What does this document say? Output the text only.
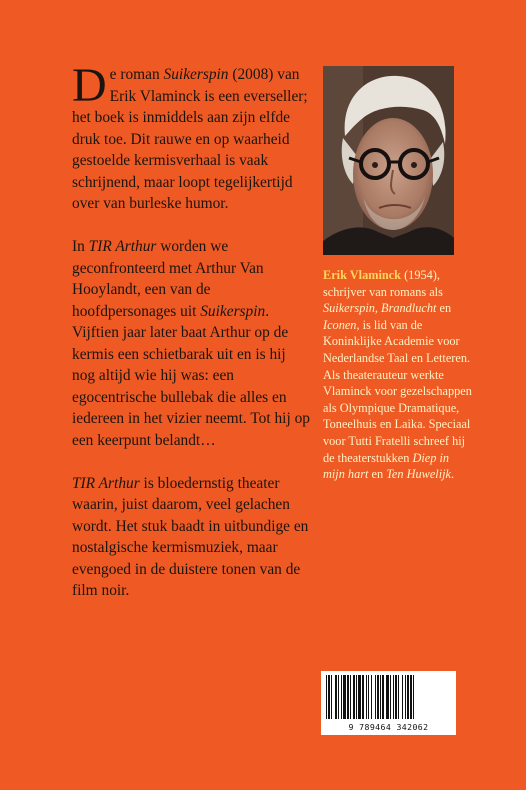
De roman Suikerspin (2008) van Erik Vlaminck is een everseller; het boek is inmiddels aan zijn elfde druk toe. Dit rauwe en op waarheid gestoelde kermisverhaal is vaak schrijnend, maar loopt tegelijkertijd over van burleske humor.

In TIR Arthur worden we geconfronteerd met Arthur Van Hooylandt, een van de hoofdpersonages uit Suikerspin. Vijftien jaar later baat Arthur op de kermis een schietbarak uit en is hij nog altijd wie hij was: een egocentrische bullebak die alles en iedereen in het vizier neemt. Tot hij op een keerpunt belandt…

TIR Arthur is bloedernstig theater waarin, juist daarom, veel gelachen wordt. Het stuk baadt in uitbundige en nostalgische kermismuziek, maar evengoed in de duistere tonen van de film noir.

Erik Vlaminck (1954), schrijver van romans als Suikerspin, Brandlucht en Iconen, is lid van de Koninklijke Academie voor Nederlandse Taal en Letteren.

Als theaterauteur werkte Vlaminck voor gezelschappen als Olympique Dramatique, Toneelhuis en Laika. Speciaal voor Tutti Fratelli schreef hij de theaterstukken Diep in mijn hart en Ten Huwelijk.

9 789464 342062
